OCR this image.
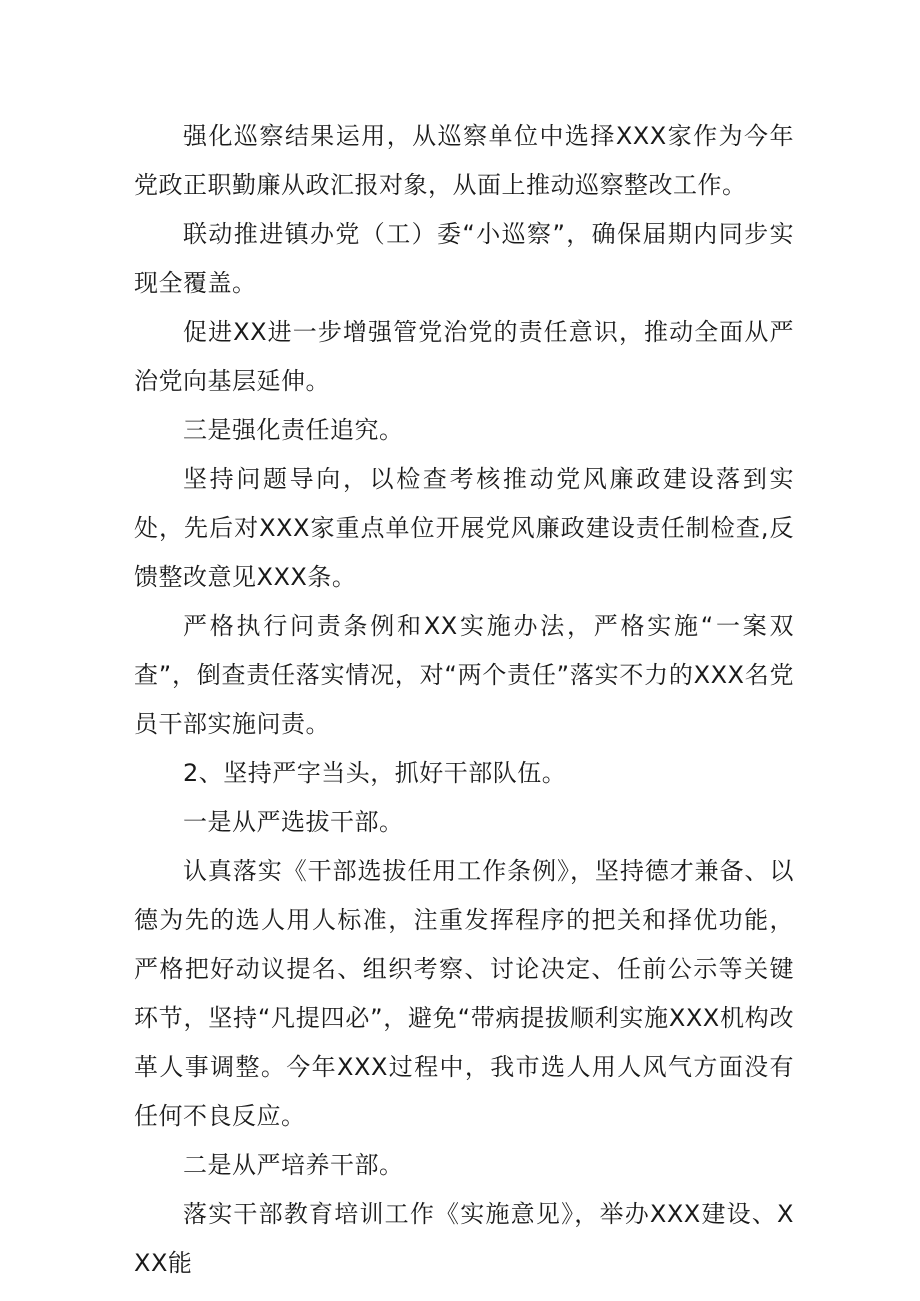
强化巡察结果运用，从巡察单位中选择XXX家作为今年党政正职勤廉从政汇报对象，从面上推动巡察整改工作。

联动推进镇办党（工）委“小巡察”，确保届期内同步实现全覆盖。

促进XX进一步增强管党治党的责任意识，推动全面从严治党向基层延伸。

三是强化责任追究。

坚持问题导向，以检查考核推动党风廉政建设落到实处，先后对XXX家重点单位开展党风廉政建设责任制检查,反馈整改意见XXX条。

严格执行问责条例和XX实施办法，严格实施“一案双查”，倒查责任落实情况，对“两个责任”落实不力的XXX名党员干部实施问责。

2、坚持严字当头，抓好干部队伍。

一是从严选拔干部。

认真落实《干部选拔任用工作条例》，坚持德才兼备、以德为先的选人用人标准，注重发挥程序的把关和择优功能，严格把好动议提名、组织考察、讨论决定、任前公示等关键环节，坚持“凡提四必”，避免“带病提拔顺利实施XXX机构改革人事调整。今年XXX过程中，我市选人用人风气方面没有任何不良反应。

二是从严培养干部。

落实干部教育培训工作《实施意见》，举办XXX建设、XXX能
